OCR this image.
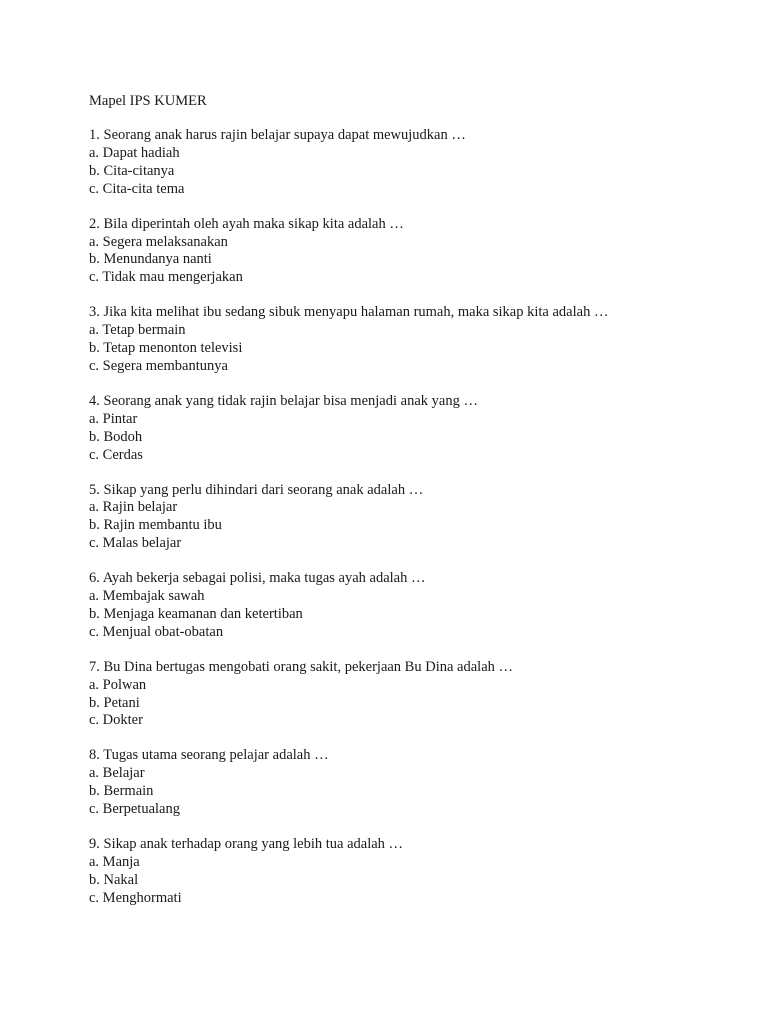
Mapel IPS KUMER
1. Seorang anak harus rajin belajar supaya dapat mewujudkan …
a. Dapat hadiah
b. Cita-citanya
c. Cita-cita tema
2. Bila diperintah oleh ayah maka sikap kita adalah …
a. Segera melaksanakan
b. Menundanya nanti
c. Tidak mau mengerjakan
3. Jika kita melihat ibu sedang sibuk menyapu halaman rumah, maka sikap kita adalah …
a. Tetap bermain
b. Tetap menonton televisi
c. Segera membantunya
4. Seorang anak yang tidak rajin belajar bisa menjadi anak yang …
a. Pintar
b. Bodoh
c. Cerdas
5. Sikap yang perlu dihindari dari seorang anak adalah …
a. Rajin belajar
b. Rajin membantu ibu
c. Malas belajar
6. Ayah bekerja sebagai polisi, maka tugas ayah adalah …
a. Membajak sawah
b. Menjaga keamanan dan ketertiban
c. Menjual obat-obatan
7. Bu Dina bertugas mengobati orang sakit, pekerjaan Bu Dina adalah …
a. Polwan
b. Petani
c. Dokter
8. Tugas utama seorang pelajar adalah …
a. Belajar
b. Bermain
c. Berpetualang
9. Sikap anak terhadap orang yang lebih tua adalah …
a. Manja
b. Nakal
c. Menghormati
